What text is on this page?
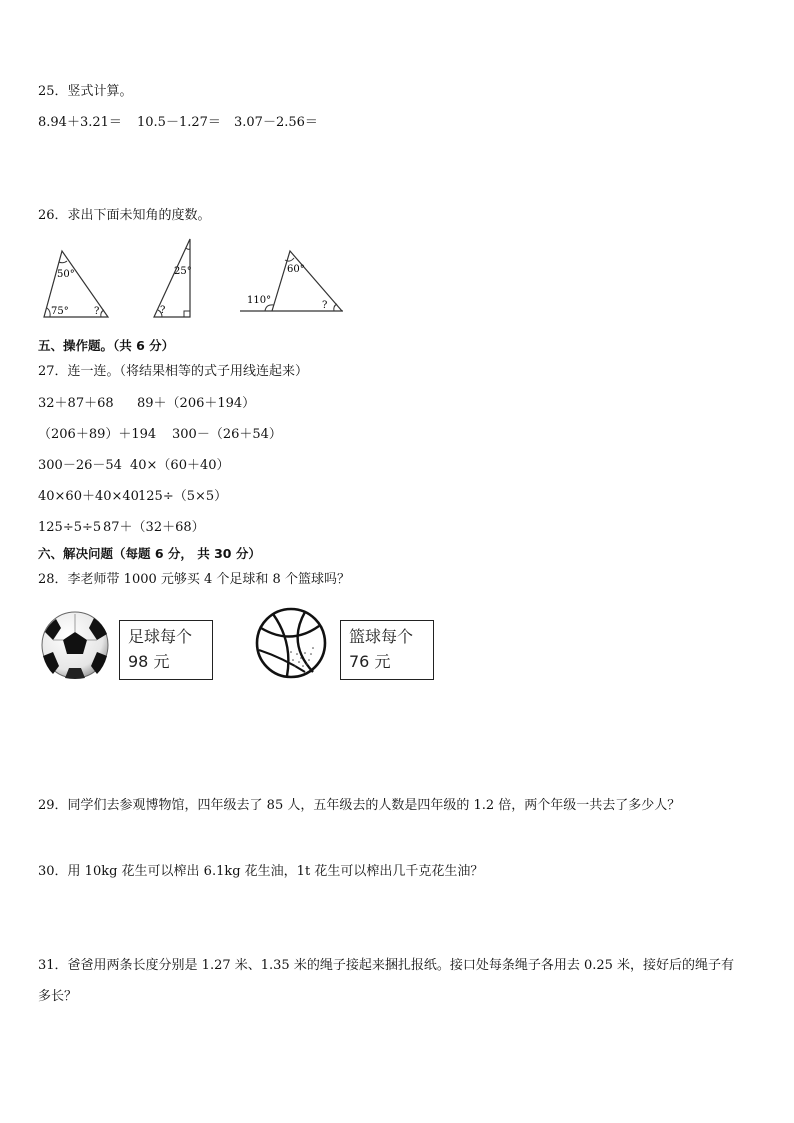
25．竖式计算。
8.94＋3.21＝ 10.5－1.27＝ 3.07－2.56＝
26．求出下面未知角的度数。
50°
75°	?
25°
?
60°
110°	?
五、操作题。（共 6 分）
27．连一连。（将结果相等的式子用线连起来）
32＋87＋68 89＋（206＋194）
（206＋89）＋194 300－（26＋54）
300－26－54 40×（60＋40）
40×60＋40×40 125÷（5×5）
125÷5÷5 87＋（32＋68）
六、解决问题（每题 6 分， 共 30 分）
28．李老师带 1000 元够买 4 个足球和 8 个篮球吗？
足球每个
98 元
篮球每个
76 元
29．同学们去参观博物馆，四年级去了 85 人，五年级去的人数是四年级的 1.2 倍，两个年级一共去了多少人？
30．用 10kg 花生可以榨出 6.1kg 花生油，1t 花生可以榨出几千克花生油？
31．爸爸用两条长度分别是 1.27 米、1.35 米的绳子接起来捆扎报纸。接口处每条绳子各用去 0.25 米，接好后的绳子有
多长？
